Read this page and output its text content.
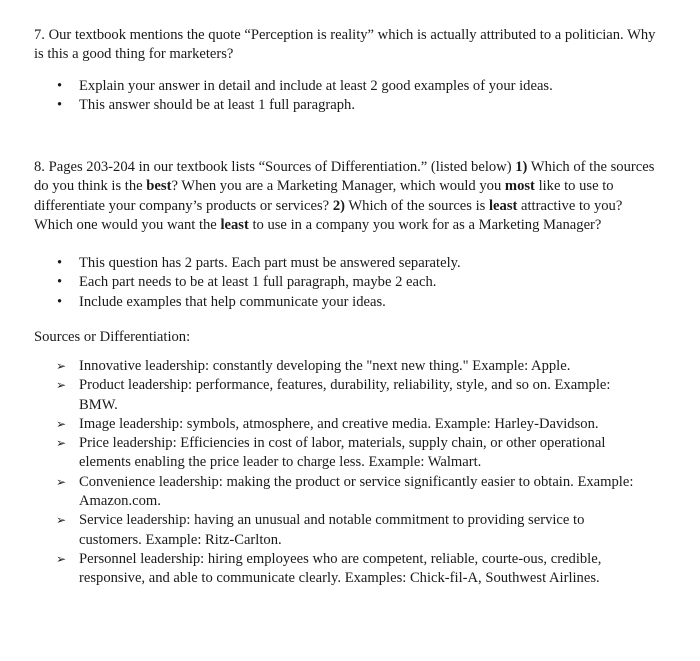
7. Our textbook mentions the quote “Perception is reality” which is actually attributed to a politician. Why is this a good thing for marketers?

• Explain your answer in detail and include at least 2 good examples of your ideas.
• This answer should be at least 1 full paragraph.

8. Pages 203-204 in our textbook lists “Sources of Differentiation.” (listed below) 1) Which of the sources do you think is the best? When you are a Marketing Manager, which would you most like to use to differentiate your company’s products or services? 2) Which of the sources is least attractive to you? Which one would you want the least to use in a company you work for as a Marketing Manager?

• This question has 2 parts. Each part must be answered separately.
• Each part needs to be at least 1 full paragraph, maybe 2 each.
• Include examples that help communicate your ideas.

Sources or Differentiation:

➢ Innovative leadership: constantly developing the "next new thing." Example: Apple.
➢ Product leadership: performance, features, durability, reliability, style, and so on. Example: BMW.
➢ Image leadership: symbols, atmosphere, and creative media. Example: Harley-Davidson.
➢ Price leadership: Efficiencies in cost of labor, materials, supply chain, or other operational elements enabling the price leader to charge less. Example: Walmart.
➢ Convenience leadership: making the product or service significantly easier to obtain. Example: Amazon.com.
➢ Service leadership: having an unusual and notable commitment to providing service to customers. Example: Ritz-Carlton.
➢ Personnel leadership: hiring employees who are competent, reliable, courte-ous, credible, responsive, and able to communicate clearly. Examples: Chick-fil-A, Southwest Airlines.
